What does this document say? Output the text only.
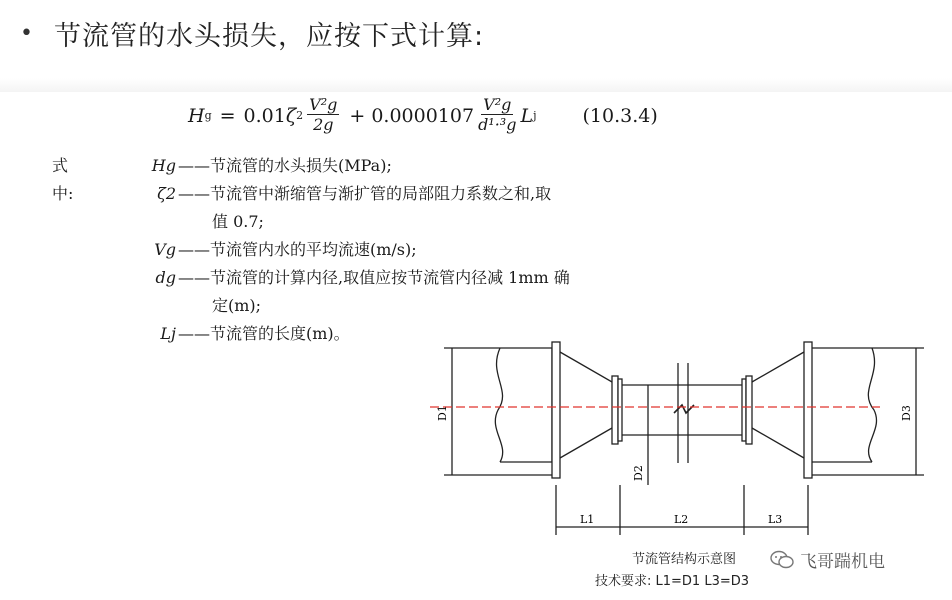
• 节流管的水头损失，应按下式计算:
H g = 0.01 ζ $2 \frac{\text{V²g}}{2g} + 0.0000107 \frac{\text{V²g}}{\text{d¹·³g}}$ L j (10.3.4)
式中:
Hg ——节流管的水头损失(MPa);
ζ2 ——节流管中渐缩管与渐扩管的局部阻力系数之和,取
值 0.7;
Vg ——节流管内水的平均流速(m/s);
dg ——节流管的计算内径,取值应按节流管内径减 1mm 确
定(m);
Lj ——节流管的长度(m)。
D1	D3
D2
L1	L2	L3
节流管结构示意图
技术要求: L1=D1 L3=D3
飞哥踹机电
